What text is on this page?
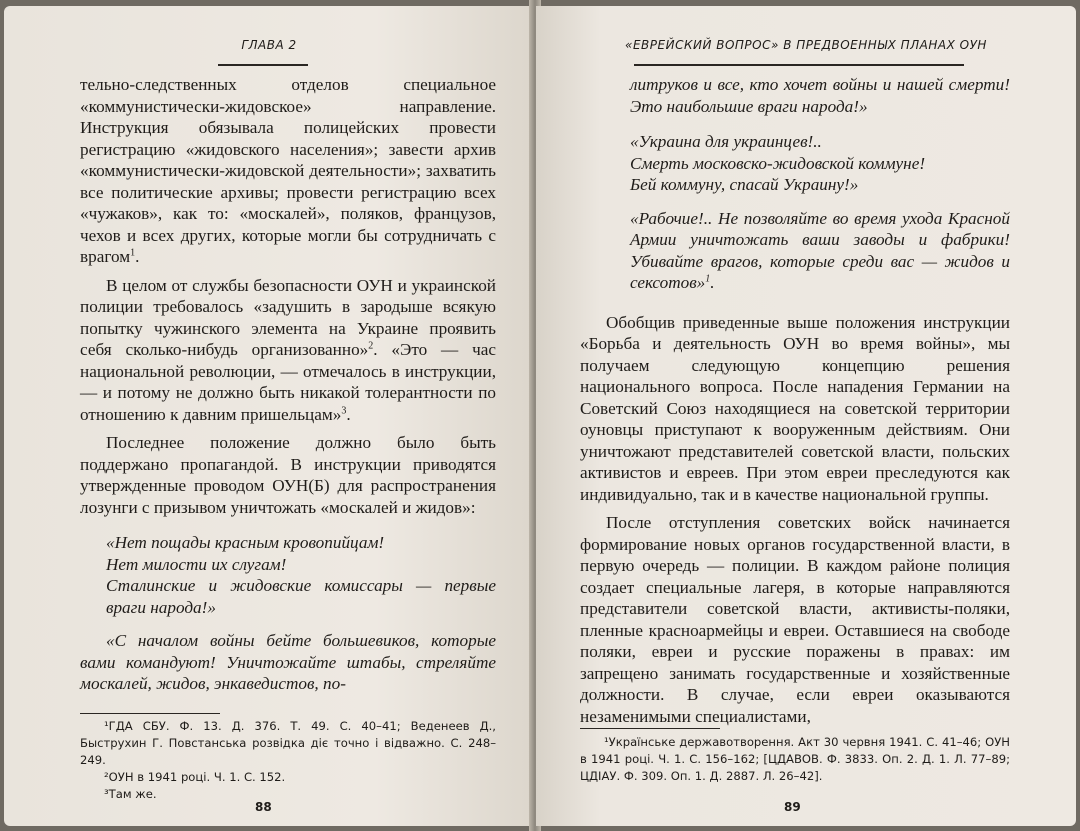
ГЛАВА 2

тельно-следственных отделов специальное «коммунистически-жидовское» направление. Инструкция обязывала полицейских провести регистрацию «жидовского населения»; завести архив «коммунистически-жидовской деятельности»; захватить все политические архивы; провести регистрацию всех «чужаков», как то: «москалей», поляков, французов, чехов и всех других, которые могли бы сотрудничать с врагом$^1$.

В целом от службы безопасности ОУН и украинской полиции требовалось «задушить в зародыше всякую попытку чужинского элемента на Украине проявить себя сколько-нибудь организованно»$^2$. «Это — час национальной революции, — отмечалось в инструкции, — и потому не должно быть никакой толерантности по отношению к давним пришельцам»$^3$.

Последнее положение должно было быть поддержано пропагандой. В инструкции приводятся утвержденные проводом ОУН(Б) для распространения лозунги с призывом уничтожать «москалей и жидов»:

«Нет пощады красным кровопийцам!

Нет милости их слугам!

Сталинские и жидовские комиссары — первые враги народа!»

«С началом войны бейте большевиков, которые вами командуют! Уничтожайте штабы, стреляйте москалей, жидов, энкаведистов, по-

¹ГДА СБУ. Ф. 13. Д. 376. Т. 49. С. 40–41; Веденеев Д., Быструхин Г. Повстанська розвідка діє точно і відважно. С. 248–249.

²ОУН в 1941 році. Ч. 1. С. 152.

³Там же.

88
«ЕВРЕЙСКИЙ ВОПРОС» В ПРЕДВОЕННЫХ ПЛАНАХ ОУН

литруков и все, кто хочет войны и нашей смерти! Это наибольшие враги народа!»

«Украина для украинцев!..

Смерть московско-жидовской коммуне!

Бей коммуну, спасай Украину!»

«Рабочие!.. Не позволяйте во время ухода Красной Армии уничтожать ваши заводы и фабрики! Убивайте врагов, которые среди вас — жидов и сексотов»$^1$.

Обобщив приведенные выше положения инструкции «Борьба и деятельность ОУН во время войны», мы получаем следующую концепцию решения национального вопроса. После нападения Германии на Советский Союз находящиеся на советской территории оуновцы приступают к вооруженным действиям. Они уничтожают представителей советской власти, польских активистов и евреев. При этом евреи преследуются как индивидуально, так и в качестве национальной группы.

После отступления советских войск начинается формирование новых органов государственной власти, в первую очередь — полиции. В каждом районе полиция создает специальные лагеря, в которые направляются представители советской власти, активисты-поляки, пленные красноармейцы и евреи. Оставшиеся на свободе поляки, евреи и русские поражены в правах: им запрещено занимать государственные и хозяйственные должности. В случае, если евреи оказываются незаменимыми специалистами,

¹Українське державотворення. Акт 30 червня 1941. С. 41–46; ОУН в 1941 році. Ч. 1. С. 156–162; [ЦДАВОВ. Ф. 3833. Оп. 2. Д. 1. Л. 77–89; ЦДІАУ. Ф. 309. Оп. 1. Д. 2887. Л. 26–42].

89
